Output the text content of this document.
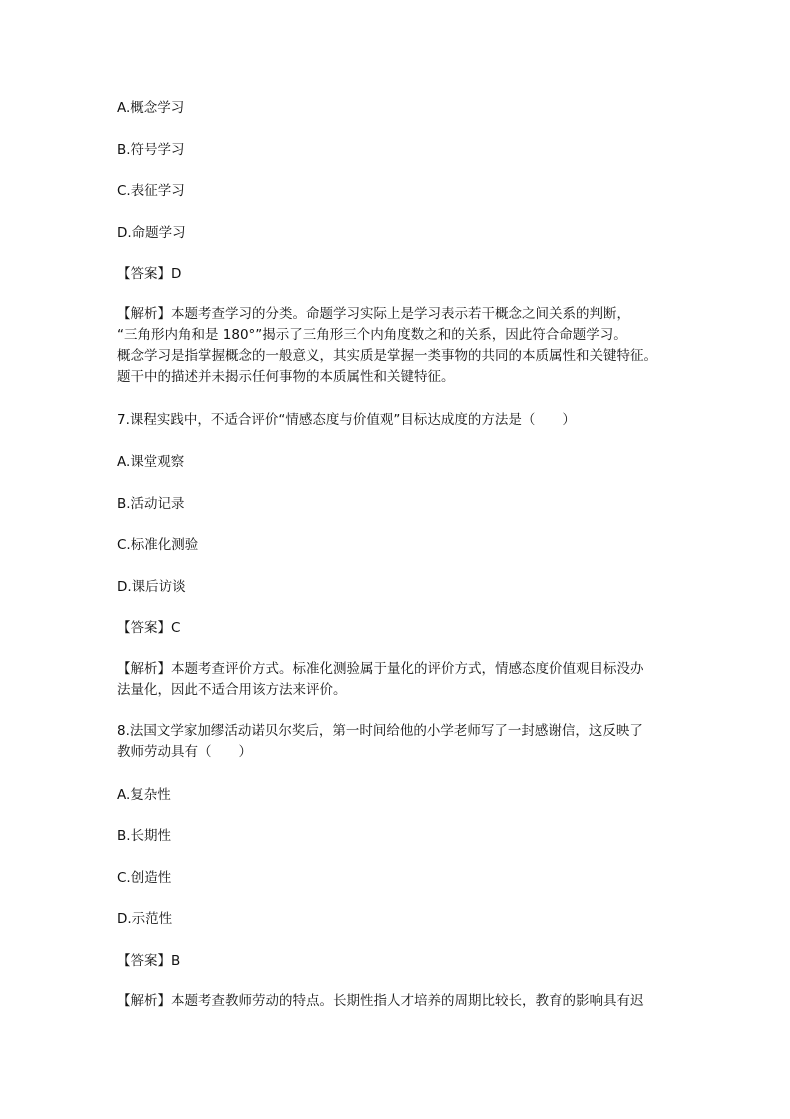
A.概念学习
B.符号学习
C.表征学习
D.命题学习
【答案】D
【解析】本题考查学习的分类。命题学习实际上是学习表示若干概念之间关系的判断，
“三角形内角和是 180°”揭示了三角形三个内角度数之和的关系，因此符合命题学习。
概念学习是指掌握概念的一般意义，其实质是掌握一类事物的共同的本质属性和关键特征。
题干中的描述并未揭示任何事物的本质属性和关键特征。
7.课程实践中，不适合评价“情感态度与价值观”目标达成度的方法是（　　）
A.课堂观察
B.活动记录
C.标准化测验
D.课后访谈
【答案】C
【解析】本题考查评价方式。标准化测验属于量化的评价方式，情感态度价值观目标没办
法量化，因此不适合用该方法来评价。
8.法国文学家加缪活动诺贝尔奖后，第一时间给他的小学老师写了一封感谢信，这反映了
教师劳动具有（　　）
A.复杂性
B.长期性
C.创造性
D.示范性
【答案】B
【解析】本题考查教师劳动的特点。长期性指人才培养的周期比较长，教育的影响具有迟
